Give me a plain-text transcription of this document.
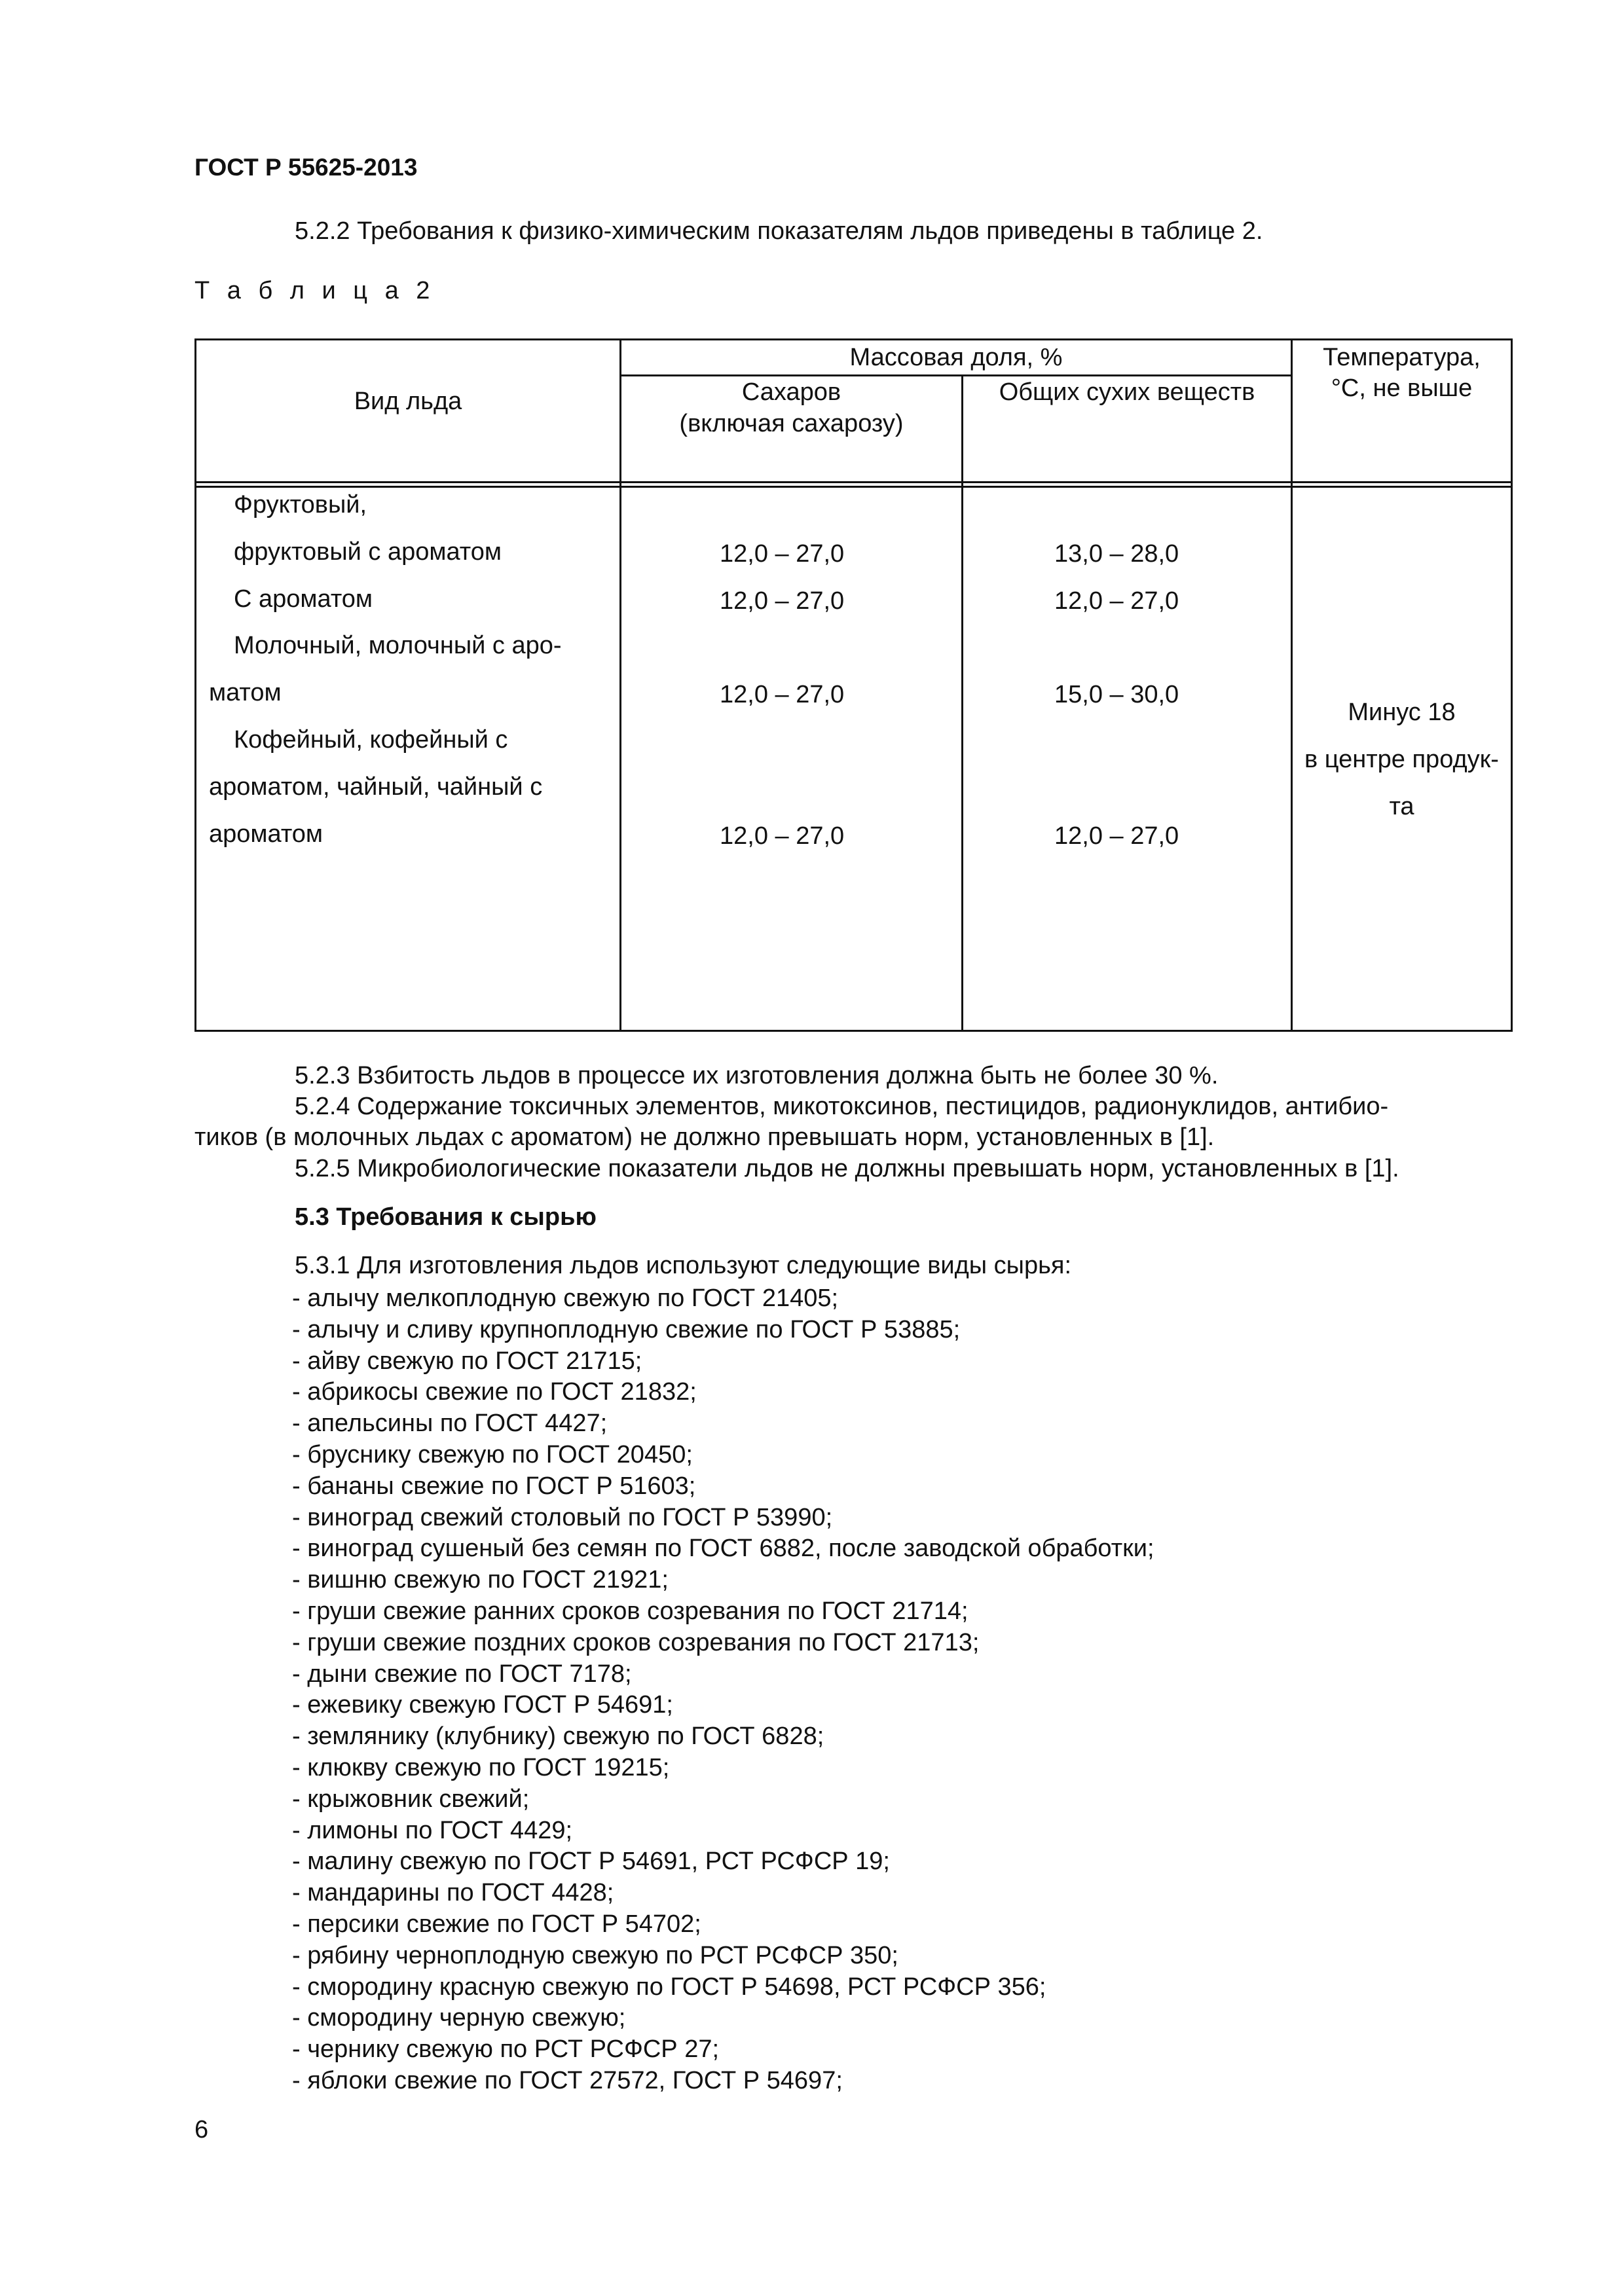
ГОСТ Р 55625-2013
5.2.2 Требования к физико-химическим показателям льдов приведены в таблице 2.
Т а б л и ц а 2
Вид льда
Массовая доля, %
Сахаров
(включая сахарозу)
Общих сухих веществ
Температура,
°С, не выше
Фруктовый,
фруктовый с ароматом
С ароматом
Молочный, молочный с аро-
матом
Кофейный, кофейный с
ароматом, чайный, чайный с
ароматом
12,0 – 27,0
12,0 – 27,0
12,0 – 27,0
12,0 – 27,0
13,0 – 28,0
12,0 – 27,0
15,0 – 30,0
12,0 – 27,0
Минус 18
в центре продук-
та
5.2.3 Взбитость льдов в процессе их изготовления должна быть не более 30 %.
5.2.4 Содержание токсичных элементов, микотоксинов, пестицидов, радионуклидов, антибио-
тиков (в молочных льдах с ароматом) не должно превышать норм, установленных в [1].
5.2.5 Микробиологические показатели льдов не должны превышать норм, установленных в [1].
5.3 Требования к сырью
5.3.1 Для изготовления льдов используют следующие виды сырья:
- алычу мелкоплодную свежую по ГОСТ 21405;
- алычу и сливу крупноплодную свежие по ГОСТ Р 53885;
- айву свежую по ГОСТ 21715;
- абрикосы свежие по ГОСТ 21832;
- апельсины по ГОСТ 4427;
- бруснику свежую по ГОСТ 20450;
- бананы свежие по ГОСТ Р 51603;
- виноград свежий столовый по ГОСТ Р 53990;
- виноград сушеный без семян по ГОСТ 6882, после заводской обработки;
- вишню свежую по ГОСТ 21921;
- груши свежие ранних сроков созревания по ГОСТ 21714;
- груши свежие поздних сроков созревания по ГОСТ 21713;
- дыни свежие по ГОСТ 7178;
- ежевику свежую ГОСТ Р 54691;
- землянику (клубнику) свежую по ГОСТ 6828;
- клюкву свежую по ГОСТ 19215;
- крыжовник свежий;
- лимоны по ГОСТ 4429;
- малину свежую по ГОСТ Р 54691, РСТ РСФСР 19;
- мандарины по ГОСТ 4428;
- персики свежие по ГОСТ Р 54702;
- рябину черноплодную свежую по РСТ РСФСР 350;
- смородину красную свежую по ГОСТ Р 54698, РСТ РСФСР 356;
- смородину черную свежую;
- чернику свежую по РСТ РСФСР 27;
- яблоки свежие по ГОСТ 27572, ГОСТ Р 54697;
6
